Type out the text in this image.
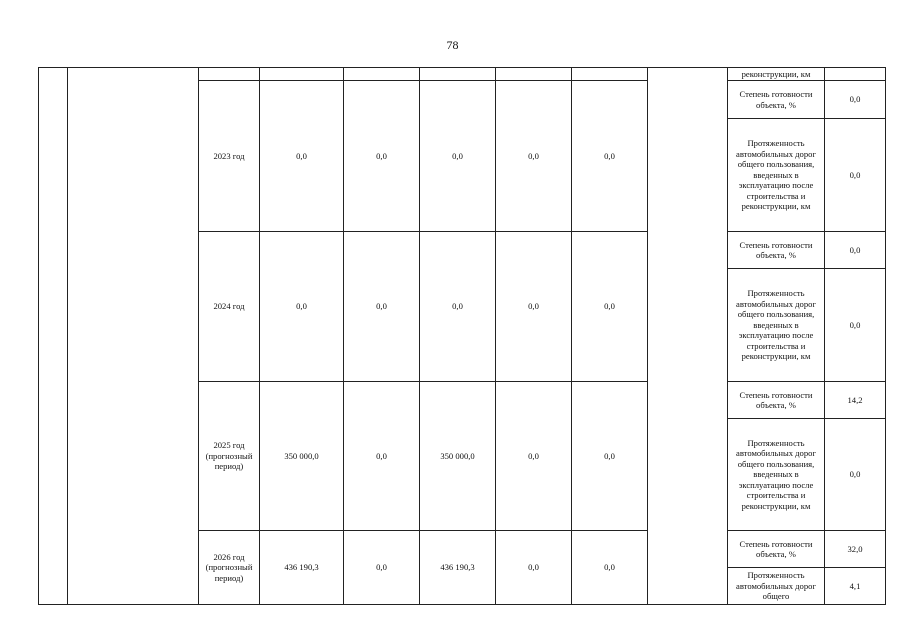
78
									реконструкции, км	
		2023 год	0,0	0,0	0,0	0,0	0,0		Степень готовности объекта, %	0,0
									Протяженность автомобильных дорог общего пользования, введенных в эксплуатацию после строительства и реконструкции, км	0,0
		2024 год	0,0	0,0	0,0	0,0	0,0		Степень готовности объекта, %	0,0
									Протяженность автомобильных дорог общего пользования, введенных в эксплуатацию после строительства и реконструкции, км	0,0
		2025 год (прогнозный период)	350 000,0	0,0	350 000,0	0,0	0,0		Степень готовности объекта, %	14,2
									Протяженность автомобильных дорог общего пользования, введенных в эксплуатацию после строительства и реконструкции, км	0,0
		2026 год (прогнозный период)	436 190,3	0,0	436 190,3	0,0	0,0		Степень готовности объекта, %	32,0
									Протяженность автомобильных дорог общего	4,1
